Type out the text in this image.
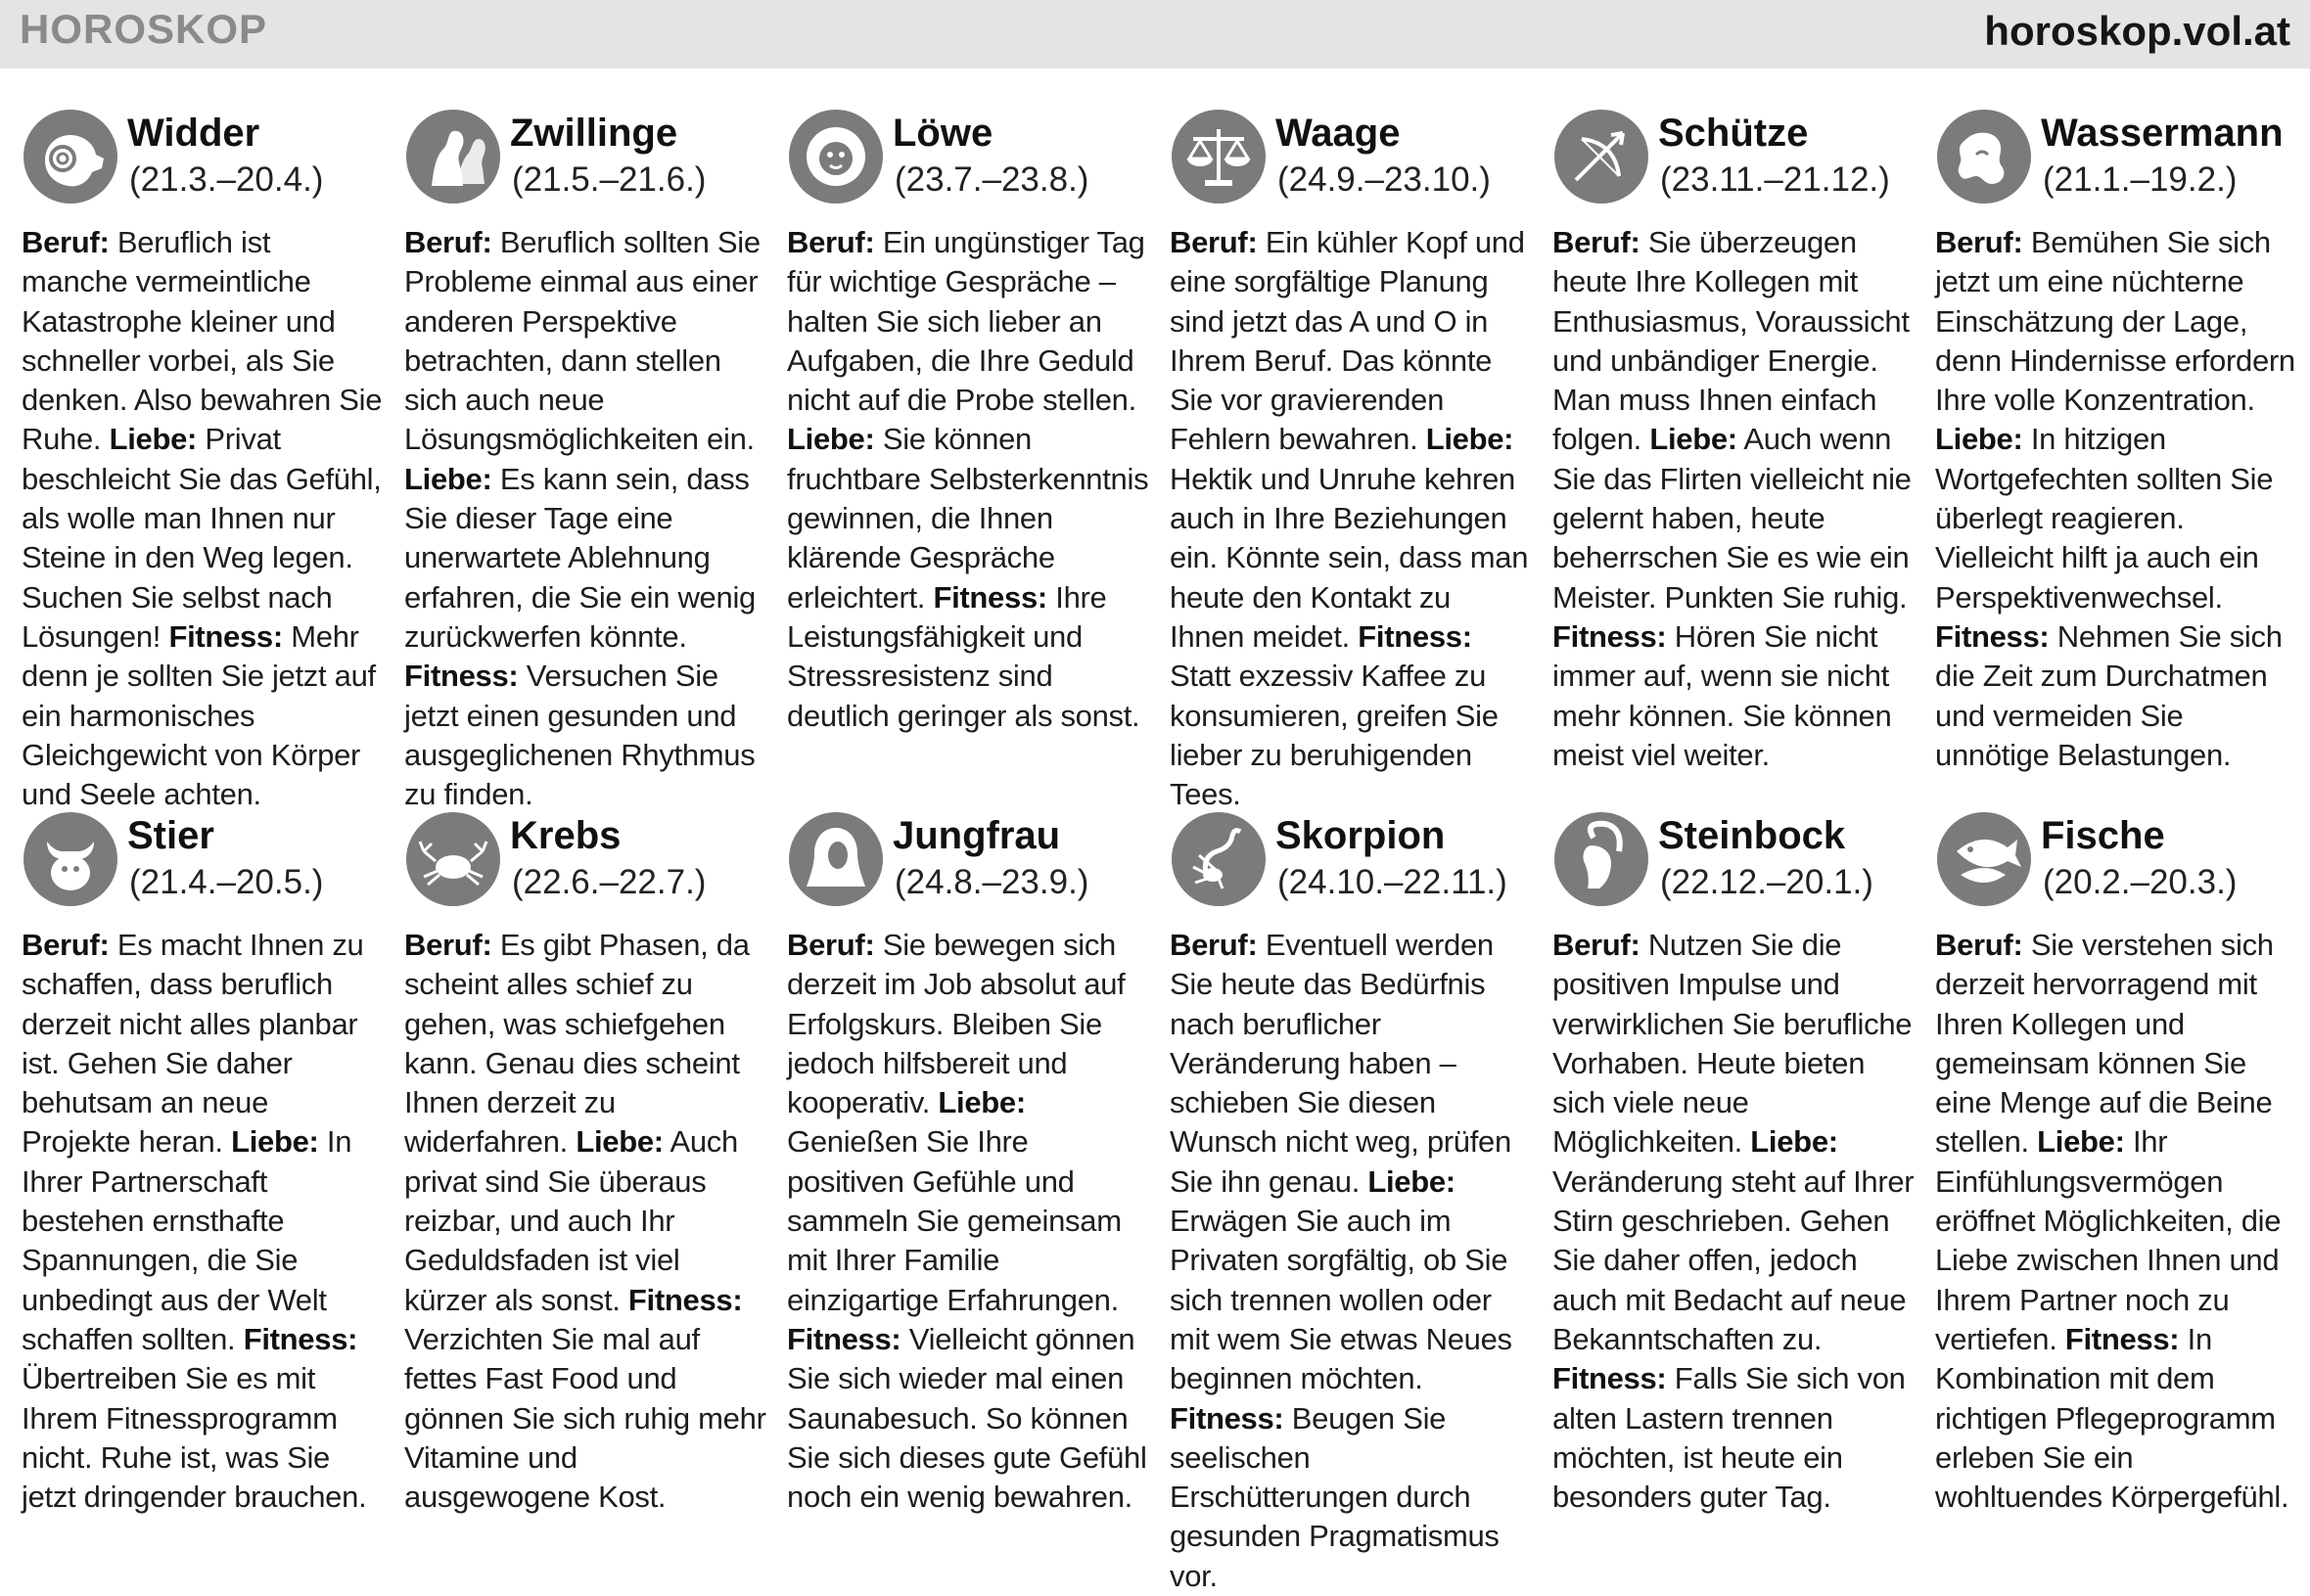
HOROSKOP	horoskop.vol.at
Widder
(21.3.–20.4.)
Beruf: Beruflich ist manche vermeintliche Katastrophe kleiner und schneller vorbei, als Sie denken. Also bewahren Sie Ruhe. Liebe: Privat beschleicht Sie das Gefühl, als wolle man Ihnen nur Steine in den Weg legen. Suchen Sie selbst nach Lösungen! Fitness: Mehr denn je sollten Sie jetzt auf ein harmonisches Gleichgewicht von Körper und Seele achten.
Zwillinge
(21.5.–21.6.)
Beruf: Beruflich sollten Sie Probleme einmal aus einer anderen Perspektive betrachten, dann stellen sich auch neue Lösungsmöglichkeiten ein. Liebe: Es kann sein, dass Sie dieser Tage eine unerwartete Ablehnung erfahren, die Sie ein wenig zurückwerfen könnte. Fitness: Versuchen Sie jetzt einen gesunden und ausgeglichenen Rhythmus zu finden.
Löwe
(23.7.–23.8.)
Beruf: Ein ungünstiger Tag für wichtige Gespräche – halten Sie sich lieber an Aufgaben, die Ihre Geduld nicht auf die Probe stellen. Liebe: Sie können fruchtbare Selbsterkenntnis gewinnen, die Ihnen klärende Gespräche erleichtert. Fitness: Ihre Leistungsfähigkeit und Stressresistenz sind deutlich geringer als sonst.
Waage
(24.9.–23.10.)
Beruf: Ein kühler Kopf und eine sorgfältige Planung sind jetzt das A und O in Ihrem Beruf. Das könnte Sie vor gravierenden Fehlern bewahren. Liebe: Hektik und Unruhe kehren auch in Ihre Beziehungen ein. Könnte sein, dass man heute den Kontakt zu Ihnen meidet. Fitness: Statt exzessiv Kaffee zu konsumieren, greifen Sie lieber zu beruhigenden Tees.
Schütze
(23.11.–21.12.)
Beruf: Sie überzeugen heute Ihre Kollegen mit Enthusiasmus, Voraussicht und unbändiger Energie. Man muss Ihnen einfach folgen. Liebe: Auch wenn Sie das Flirten vielleicht nie gelernt haben, heute beherrschen Sie es wie ein Meister. Punkten Sie ruhig. Fitness: Hören Sie nicht immer auf, wenn sie nicht mehr können. Sie können meist viel weiter.
Wassermann
(21.1.–19.2.)
Beruf: Bemühen Sie sich jetzt um eine nüchterne Einschätzung der Lage, denn Hindernisse erfordern Ihre volle Konzentration. Liebe: In hitzigen Wortgefechten sollten Sie überlegt reagieren. Vielleicht hilft ja auch ein Perspektivenwechsel. Fitness: Nehmen Sie sich die Zeit zum Durchatmen und vermeiden Sie unnötige Belastungen.
Stier
(21.4.–20.5.)
Beruf: Es macht Ihnen zu schaffen, dass beruflich derzeit nicht alles planbar ist. Gehen Sie daher behutsam an neue Projekte heran. Liebe: In Ihrer Partnerschaft bestehen ernsthafte Spannungen, die Sie unbedingt aus der Welt schaffen sollten. Fitness: Übertreiben Sie es mit Ihrem Fitnessprogramm nicht. Ruhe ist, was Sie jetzt dringender brauchen.
Krebs
(22.6.–22.7.)
Beruf: Es gibt Phasen, da scheint alles schief zu gehen, was schiefgehen kann. Genau dies scheint Ihnen derzeit zu widerfahren. Liebe: Auch privat sind Sie überaus reizbar, und auch Ihr Geduldsfaden ist viel kürzer als sonst. Fitness: Verzichten Sie mal auf fettes Fast Food und gönnen Sie sich ruhig mehr Vitamine und ausgewogene Kost.
Jungfrau
(24.8.–23.9.)
Beruf: Sie bewegen sich derzeit im Job absolut auf Erfolgskurs. Bleiben Sie jedoch hilfsbereit und kooperativ. Liebe: Genießen Sie Ihre positiven Gefühle und sammeln Sie gemeinsam mit Ihrer Familie einzigartige Erfahrungen. Fitness: Vielleicht gönnen Sie sich wieder mal einen Saunabesuch. So können Sie sich dieses gute Gefühl noch ein wenig bewahren.
Skorpion
(24.10.–22.11.)
Beruf: Eventuell werden Sie heute das Bedürfnis nach beruflicher Veränderung haben – schieben Sie diesen Wunsch nicht weg, prüfen Sie ihn genau. Liebe: Erwägen Sie auch im Privaten sorgfältig, ob Sie sich trennen wollen oder mit wem Sie etwas Neues beginnen möchten. Fitness: Beugen Sie seelischen Erschütterungen durch gesunden Pragmatismus vor.
Steinbock
(22.12.–20.1.)
Beruf: Nutzen Sie die positiven Impulse und verwirklichen Sie berufliche Vorhaben. Heute bieten sich viele neue Möglichkeiten. Liebe: Veränderung steht auf Ihrer Stirn geschrieben. Gehen Sie daher offen, jedoch auch mit Bedacht auf neue Bekanntschaften zu. Fitness: Falls Sie sich von alten Lastern trennen möchten, ist heute ein besonders guter Tag.
Fische
(20.2.–20.3.)
Beruf: Sie verstehen sich derzeit hervorragend mit Ihren Kollegen und gemeinsam können Sie eine Menge auf die Beine stellen. Liebe: Ihr Einfühlungsvermögen eröffnet Möglichkeiten, die Liebe zwischen Ihnen und Ihrem Partner noch zu vertiefen. Fitness: In Kombination mit dem richtigen Pflegeprogramm erleben Sie ein wohltuendes Körpergefühl.
